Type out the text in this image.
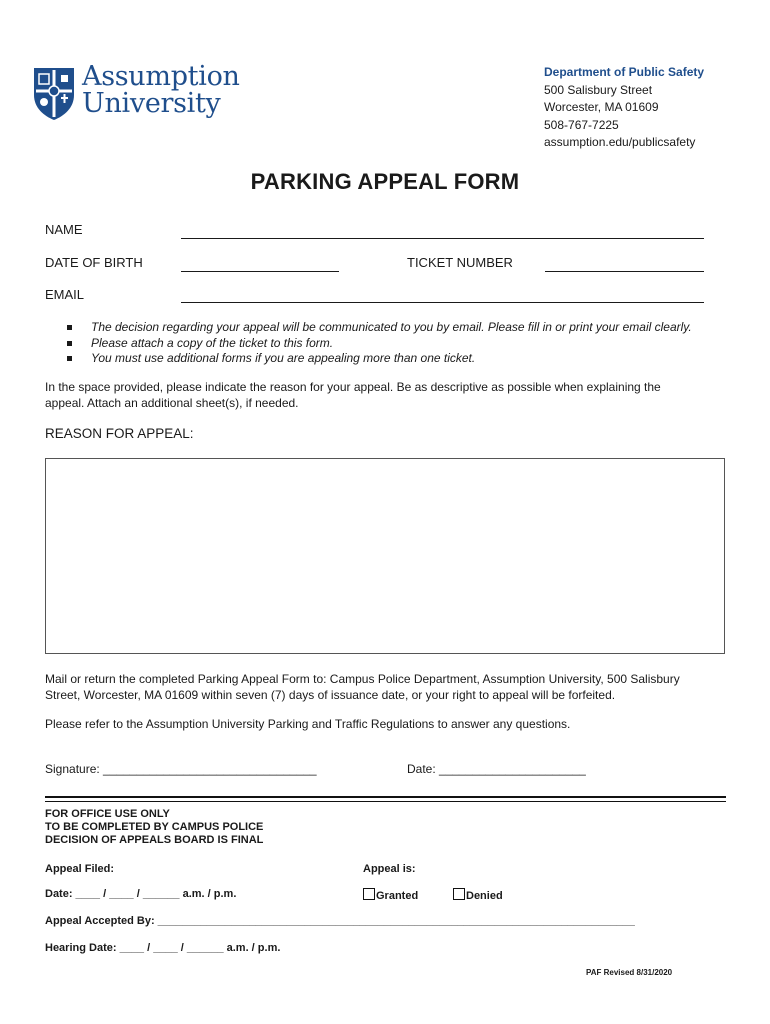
Assumption
University
Department of Public Safety
500 Salisbury Street
Worcester, MA 01609
508-767-7225
assumption.edu/publicsafety
PARKING APPEAL FORM
NAME
DATE OF BIRTH	TICKET NUMBER
EMAIL
The decision regarding your appeal will be communicated to you by email. Please fill in or print your email clearly.
Please attach a copy of the ticket to this form.
You must use additional forms if you are appealing more than one ticket.
In the space provided, please indicate the reason for your appeal. Be as descriptive as possible when explaining the
appeal. Attach an additional sheet(s), if needed.
REASON FOR APPEAL:
Mail or return the completed Parking Appeal Form to: Campus Police Department, Assumption University, 500 Salisbury
Street, Worcester, MA 01609 within seven (7) days of issuance date, or your right to appeal will be forfeited.
Please refer to the Assumption University Parking and Traffic Regulations to answer any questions.
Signature: ________________________________	Date: ______________________
FOR OFFICE USE ONLY
TO BE COMPLETED BY CAMPUS POLICE
DECISION OF APPEALS BOARD IS FINAL
Appeal Filed:	Appeal is:
Date: ____ / ____ / ______ a.m. / p.m.	Granted	Denied
Appeal Accepted By: ______________________________________________________________________________
Hearing Date: ____ / ____ / ______ a.m. / p.m.
PAF Revised 8/31/2020
